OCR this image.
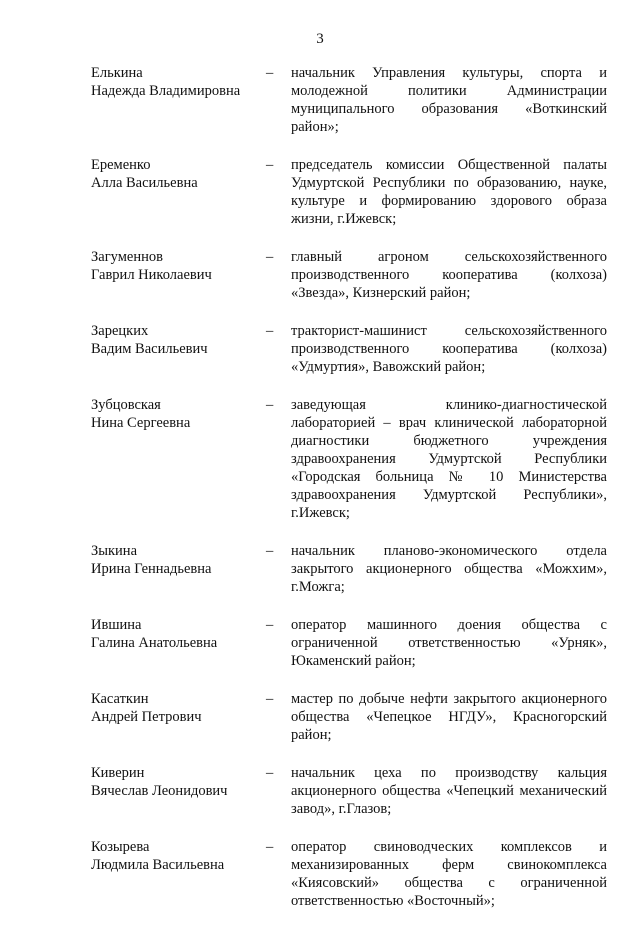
3
Елькина
Надежда Владимировна
– начальник Управления культуры, спорта и молодежной политики Администрации муниципального образования «Воткинский район»;
Еременко
Алла Васильевна
– председатель комиссии Общественной палаты Удмуртской Республики по образованию, науке, культуре и формированию здорового образа жизни, г.Ижевск;
Загуменнов
Гаврил Николаевич
– главный агроном сельскохозяйственного производственного кооператива (колхоза) «Звезда», Кизнерский район;
Зарецких
Вадим Васильевич
– тракторист-машинист сельскохозяйственного производственного кооператива (колхоза) «Удмуртия», Вавожский район;
Зубцовская
Нина Сергеевна
– заведующая клинико-диагностической лабораторией – врач клинической лабораторной диагностики бюджетного учреждения здравоохранения Удмуртской Республики «Городская больница № 10 Министерства здравоохранения Удмуртской Республики», г.Ижевск;
Зыкина
Ирина Геннадьевна
– начальник планово-экономического отдела закрытого акционерного общества «Можхим», г.Можга;
Ившина
Галина Анатольевна
– оператор машинного доения общества с ограниченной ответственностью «Урняк», Юкаменский район;
Касаткин
Андрей Петрович
– мастер по добыче нефти закрытого акционерного общества «Чепецкое НГДУ», Красногорский район;
Киверин
Вячеслав Леонидович
– начальник цеха по производству кальция акционерного общества «Чепецкий механический завод», г.Глазов;
Козырева
Людмила Васильевна
– оператор свиноводческих комплексов и механизированных ферм свинокомплекса «Киясовский» общества с ограниченной ответственностью «Восточный»;
